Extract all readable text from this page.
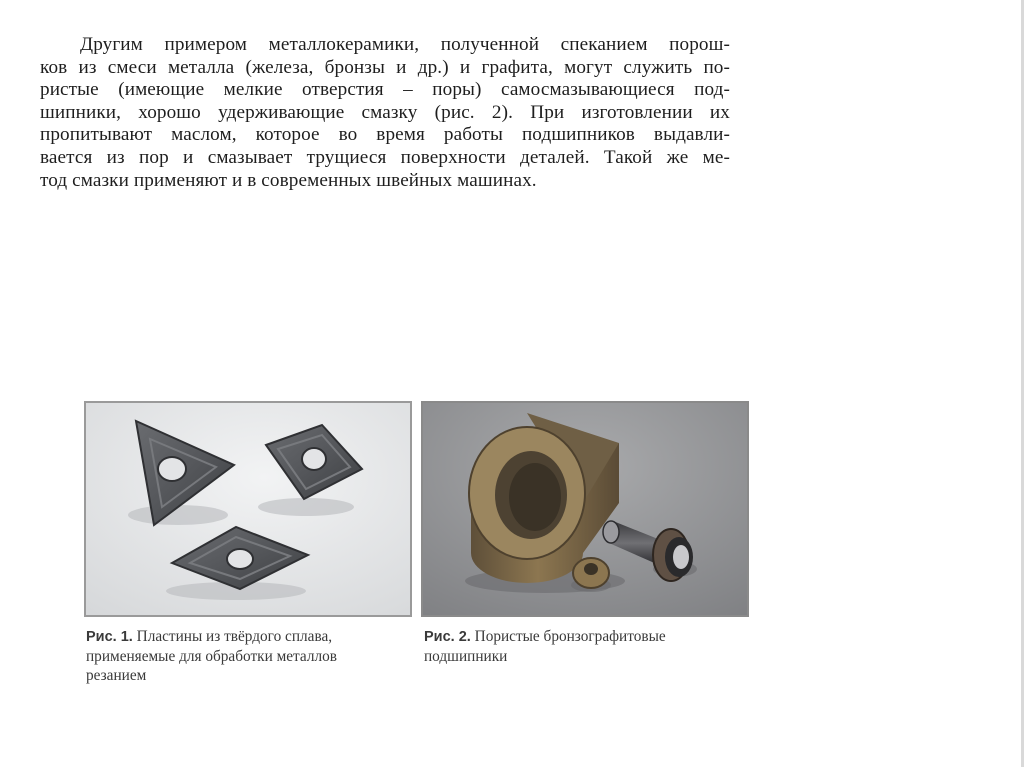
Другим примером металлокерамики, полученной спеканием порош-
ков из смеси металла (железа, бронзы и др.) и графита, могут служить по-
ристые (имеющие мелкие отверстия – поры) самосмазывающиеся под-
шипники, хорошо удерживающие смазку (рис. 2). При изготовлении их
пропитывают маслом, которое во время работы подшипников выдавли-
вается из пор и смазывает трущиеся поверхности деталей. Такой же ме-
тод смазки применяют и в современных швейных машинах.
Рис. 1. Пластины из твёрдого сплава,
применяемые для обработки металлов
резанием
Рис. 2. Пористые бронзографитовые
подшипники
